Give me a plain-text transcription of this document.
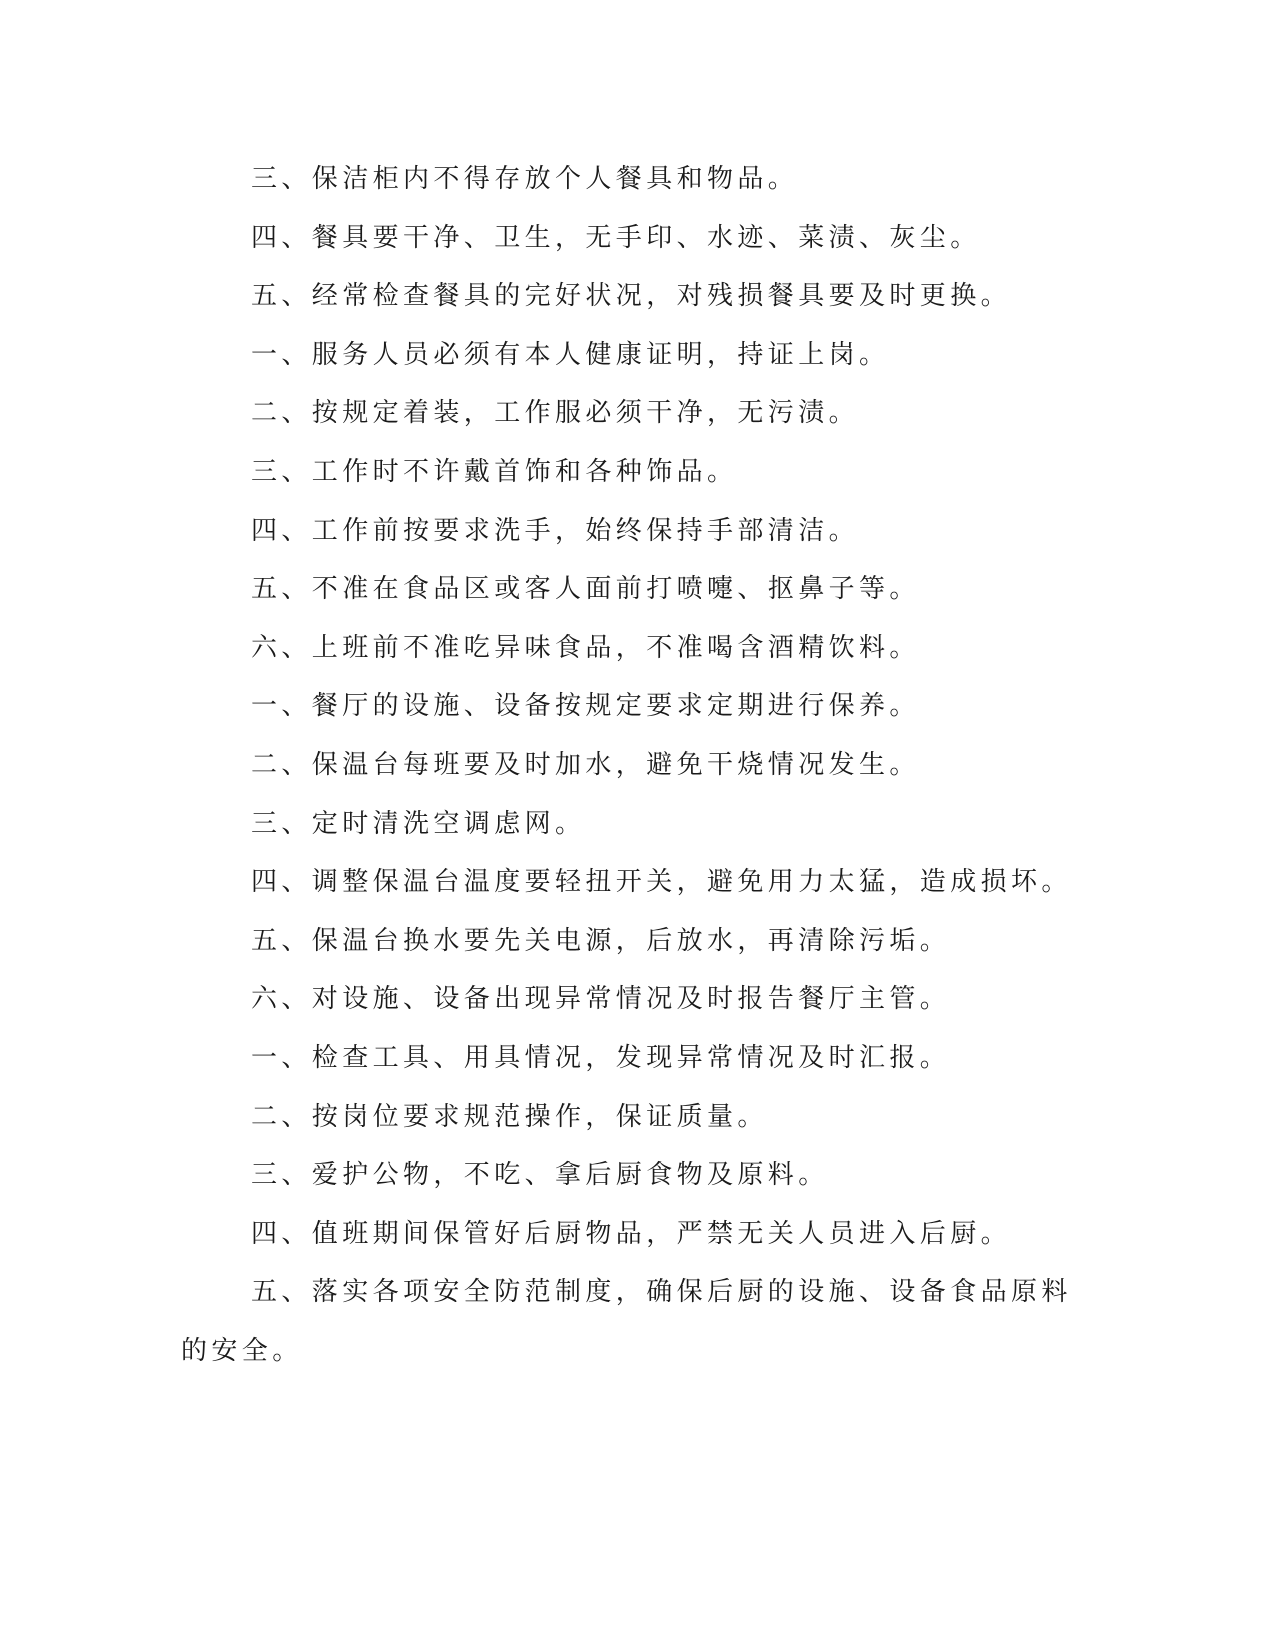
三、保洁柜内不得存放个人餐具和物品。

四、餐具要干净、卫生，无手印、水迹、菜渍、灰尘。

五、经常检查餐具的完好状况，对残损餐具要及时更换。

一、服务人员必须有本人健康证明，持证上岗。

二、按规定着装，工作服必须干净，无污渍。

三、工作时不许戴首饰和各种饰品。

四、工作前按要求洗手，始终保持手部清洁。

五、不准在食品区或客人面前打喷嚏、抠鼻子等。

六、上班前不准吃异味食品，不准喝含酒精饮料。

一、餐厅的设施、设备按规定要求定期进行保养。

二、保温台每班要及时加水，避免干烧情况发生。

三、定时清洗空调虑网。

四、调整保温台温度要轻扭开关，避免用力太猛，造成损坏。

五、保温台换水要先关电源，后放水，再清除污垢。

六、对设施、设备出现异常情况及时报告餐厅主管。

一、检查工具、用具情况，发现异常情况及时汇报。

二、按岗位要求规范操作，保证质量。

三、爱护公物，不吃、拿后厨食物及原料。

四、值班期间保管好后厨物品，严禁无关人员进入后厨。

五、落实各项安全防范制度，确保后厨的设施、设备食品原料的安全。
